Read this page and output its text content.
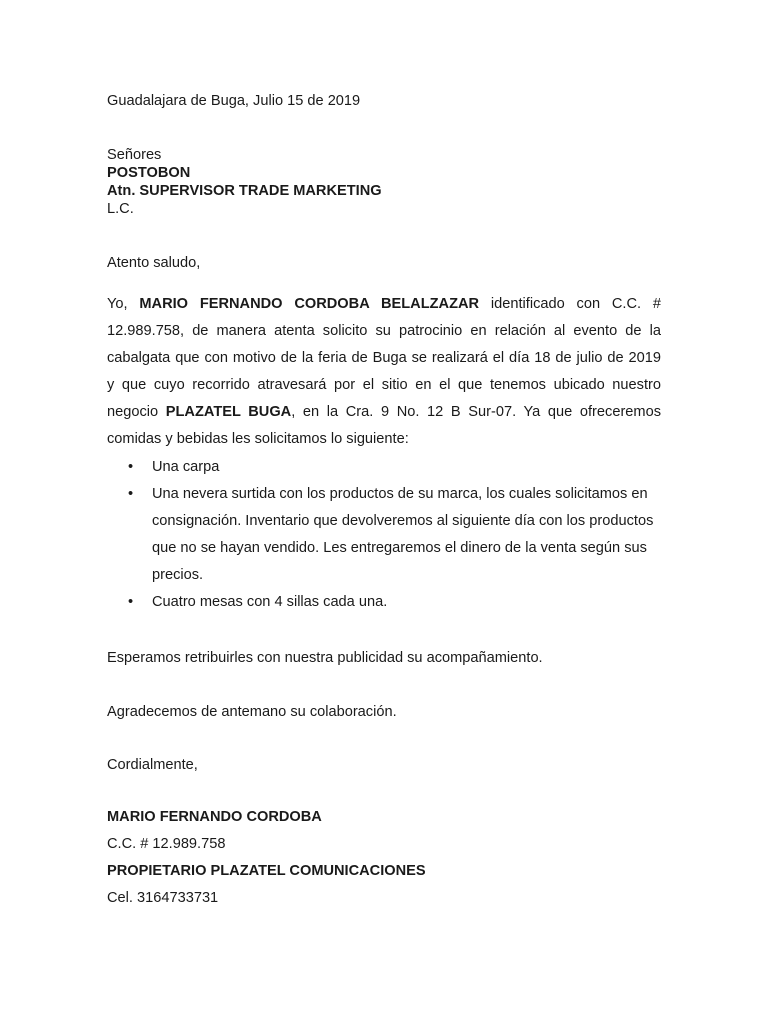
Guadalajara de Buga, Julio 15 de 2019
Señores
POSTOBON
Atn. SUPERVISOR TRADE MARKETING
L.C.
Atento saludo,
Yo, MARIO FERNANDO CORDOBA BELALZAZAR identificado con C.C. #
12.989.758, de manera atenta solicito su patrocinio en relación al evento de la
cabalgata que con motivo de la feria de Buga se realizará el día 18 de julio de 2019
y que cuyo recorrido atravesará por el sitio en el que tenemos ubicado nuestro
negocio PLAZATEL BUGA, en la Cra. 9 No. 12 B Sur-07. Ya que ofreceremos
comidas y bebidas les solicitamos lo siguiente:
• Una carpa
• Una nevera surtida con los productos de su marca, los cuales solicitamos en
consignación. Inventario que devolveremos al siguiente día con los productos
que no se hayan vendido. Les entregaremos el dinero de la venta según sus
precios.
• Cuatro mesas con 4 sillas cada una.
Esperamos retribuirles con nuestra publicidad su acompañamiento.
Agradecemos de antemano su colaboración.
Cordialmente,
MARIO FERNANDO CORDOBA
C.C. # 12.989.758
PROPIETARIO PLAZATEL COMUNICACIONES
Cel. 3164733731
